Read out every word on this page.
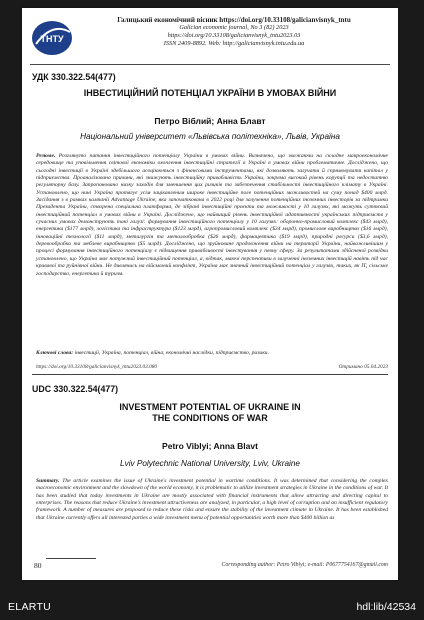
ТНТУ
Галицький економічний вісник https://doi.org/10.33108/galicianvisnyk_tntu
Galician economic journal, No 3 (82) 2023
https://doi.org/10.33108/galicianvisnyk_tntu2023.03
ISSN 2409-8892. Web: http://galicianvisnyk.tntu.edu.ua
УДК 330.322.54(477)
ІНВЕСТИЦІЙНИЙ ПОТЕНЦІАЛ УКРАЇНИ В УМОВАХ ВІЙНИ
Петро Віблий; Анна Блавт
Національний університет «Львівська політехніка», Львів, Україна
Резюме. Розглянуто питання інвестиційного потенціалу України в умовах війни. Визначено, що зважаючи на складне макроекономічне середовище та уповільнення світової економіки охоплення інвестиційні стратегії в Україні в умовах війни проблематичне. Досліджено, що сьогодні інвестиції в Україні здебільшого асоціюються з фінансовими інструментами, які дозволяють залучати й спрямовувати капітал у підприємства. Проаналізовано причини, які знижують інвестиційну привабливість України, зокрема високий рівень корупції та недостатню регуляторну базу. Запропоновано низку заходів для зменшення цих ризиків та забезпечення стабільності інвестиційного клімату в Україні. Установлено, що нині Україна протягує усім зацікавленим широке інвестиційне поле потенційних можливостей на суму понад $400 млрд. Засідання з в рамках кампанії Advantage Ukraine, яка започаткована в 2022 році для залучення потенційних іноземних інвесторів за підтримки Президента України, створена спеціальна платформа, де зібрані інвестиційні проєкти та можливості у 10 галузях, які можуть суттєвий інвестиційний потенціал в умовах війни в Україні. Досліджено, що найвищий рівень інвестиційної адаптивності українських підприємств у сучасних умовах демонструють такі галузі: формування інвестиційного потенціалу у 10 галузях: оборонно-промисловий комплекс ($43 млрд), енергетика ($177 млрд), логістика та інфраструктура ($123 млрд), агропромисловий комплекс ($34 млрд), промислове виробництво ($16 млрд), інноваційні технології ($11 млрд), металургія та металообробка ($26 млрд), фармацевтика ($19 млрд), природні ресурси ($3,6 млрд), деревообробка та меблеве виробництво ($5 млрд). Досліджено, що зруйноване продовження війни на території України, найважливішим у процесі формування інвестиційного потенціалу є підвищення привабливості інвестування у певну сферу. За результатами здійсненої розвідки установлено, що Україна має потужний інвестиційний потенціал, а, відтак, маючі перспективи в залученні іноземних інвестицій навіть під час кривавої та руйнівної війни. Не дивлячись на військовий конфлікт, Україна має значний інвестиційний потенціал у галузях, таких, як ІТ, сільське господарство, енергетика й туризм.
Ключові слова: інвестиції, Україна, потенціал, війна, економічні наслідки, підприємство, ризики.
https://doi.org/10.33108/galicianvisnyk_tntu2023.03.080	Отримано 05.04.2023
UDC 330.322.54(477)
INVESTMENT POTENTIAL OF UKRAINE IN
THE CONDITIONS OF WAR
Petro Viblyi; Anna Blavt
Lviv Polytechnic National University, Lviv, Ukraine
Summary. The article examines the issue of Ukraine's investment potential in wartime conditions. It was determined that considering the complex macroeconomic environment and the slowdown of the world economy, it is problematic to utilize investment strategies in Ukraine in the conditions of war. It has been studied that today investments in Ukraine are mostly associated with financial instruments that allow attracting and directing capital to enterprises. The reasons that reduce Ukraine's investment attractiveness are analyzed, in particular, a high level of corruption and an insufficient regulatory framework. A number of measures are proposed to reduce these risks and ensure the stability of the investment climate in Ukraine. It has been established that Ukraine currently offers all interested parties a wide investment menu of potential opportunities worth more than $400 billion as
80	Corresponding author: Petro Viblyi; e-mail: P0677754167@gmail.com
ELARTU	hdl:lib/42534
